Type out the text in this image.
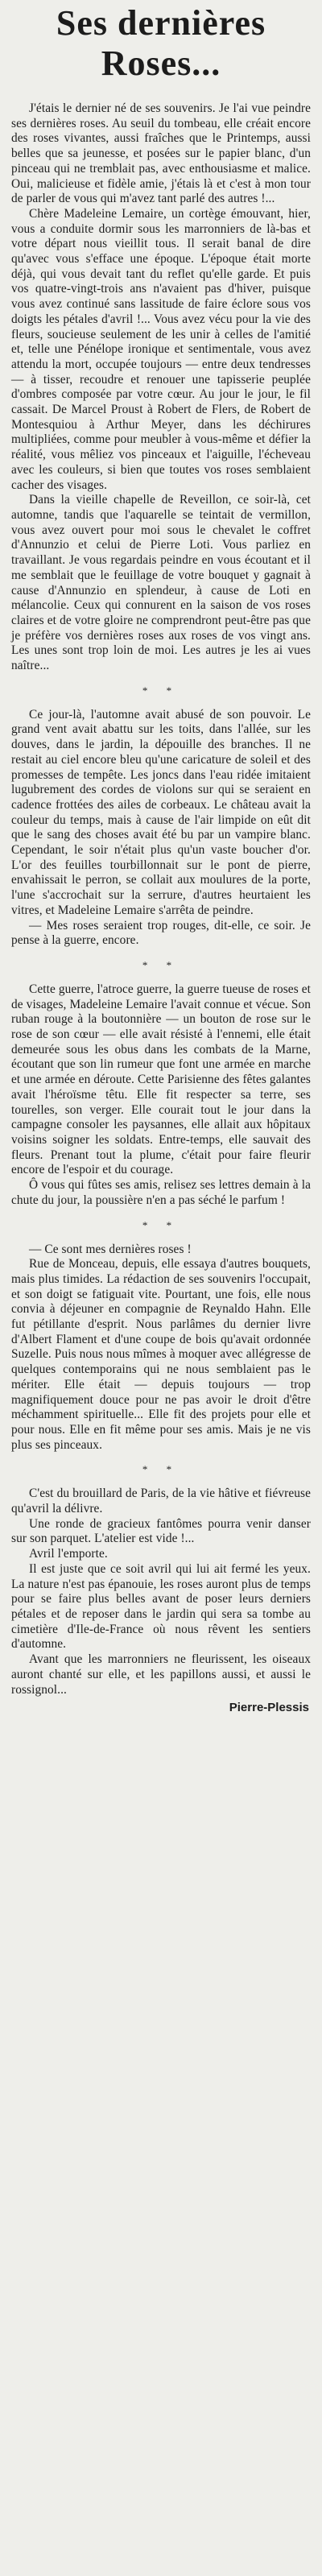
Ses dernières
Roses...

J'étais le dernier né de ses souvenirs. Je l'ai vue peindre ses dernières roses. Au seuil du tombeau, elle créait encore des roses vivantes, aussi fraîches que le Printemps, aussi belles que sa jeunesse, et posées sur le papier blanc, d'un pinceau qui ne tremblait pas, avec enthousiasme et malice. Oui, malicieuse et fidèle amie, j'étais là et c'est à mon tour de parler de vous qui m'avez tant parlé des autres !...

Chère Madeleine Lemaire, un cortège émouvant, hier, vous a conduite dormir sous les marronniers de là-bas et votre départ nous vieillit tous. Il serait banal de dire qu'avec vous s'efface une époque. L'époque était morte déjà, qui vous devait tant du reflet qu'elle garde. Et puis vos quatre-vingt-trois ans n'avaient pas d'hiver, puisque vous avez continué sans lassitude de faire éclore sous vos doigts les pétales d'avril !... Vous avez vécu pour la vie des fleurs, soucieuse seulement de les unir à celles de l'amitié et, telle une Pénélope ironique et sentimentale, vous avez attendu la mort, occupée toujours — entre deux tendresses — à tisser, recoudre et renouer une tapisserie peuplée d'ombres composée par votre cœur. Au jour le jour, le fil cassait. De Marcel Proust à Robert de Flers, de Robert de Montesquiou à Arthur Meyer, dans les déchirures multipliées, comme pour meubler à vous-même et défier la réalité, vous mêliez vos pinceaux et l'aiguille, l'écheveau avec les couleurs, si bien que toutes vos roses semblaient cacher des visages.

Dans la vieille chapelle de Reveillon, ce soir-là, cet automne, tandis que l'aquarelle se teintait de vermillon, vous avez ouvert pour moi sous le chevalet le coffret d'Annunzio et celui de Pierre Loti. Vous parliez en travaillant. Je vous regardais peindre en vous écoutant et il me semblait que le feuillage de votre bouquet y gagnait à cause d'Annunzio en splendeur, à cause de Loti en mélancolie. Ceux qui connurent en la saison de vos roses claires et de votre gloire ne comprendront peut-être pas que je préfère vos dernières roses aux roses de vos vingt ans. Les unes sont trop loin de moi. Les autres je les ai vues naître...

* *

Ce jour-là, l'automne avait abusé de son pouvoir. Le grand vent avait abattu sur les toits, dans l'allée, sur les douves, dans le jardin, la dépouille des branches. Il ne restait au ciel encore bleu qu'une caricature de soleil et des promesses de tempête. Les joncs dans l'eau ridée imitaient lugubrement des cordes de violons sur qui se seraient en cadence frottées des ailes de corbeaux. Le château avait la couleur du temps, mais à cause de l'air limpide on eût dit que le sang des choses avait été bu par un vampire blanc. Cependant, le soir n'était plus qu'un vaste boucher d'or. L'or des feuilles tourbillonnait sur le pont de pierre, envahissait le perron, se collait aux moulures de la porte, l'une s'accrochait sur la serrure, d'autres heurtaient les vitres, et Madeleine Lemaire s'arrêta de peindre.

— Mes roses seraient trop rouges, dit-elle, ce soir. Je pense à la guerre, encore.

* *

Cette guerre, l'atroce guerre, la guerre tueuse de roses et de visages, Madeleine Lemaire l'avait connue et vécue. Son ruban rouge à la boutonnière — un bouton de rose sur le rose de son cœur — elle avait résisté à l'ennemi, elle était demeurée sous les obus dans les combats de la Marne, écoutant que son lin rumeur que font une armée en marche et une armée en déroute. Cette Parisienne des fêtes galantes avait l'héroïsme têtu. Elle fit respecter sa terre, ses tourelles, son verger. Elle courait tout le jour dans la campagne consoler les paysannes, elle allait aux hôpitaux voisins soigner les soldats. Entre-temps, elle sauvait des fleurs. Prenant tout la plume, c'était pour faire fleurir encore de l'espoir et du courage.

Ô vous qui fûtes ses amis, relisez ses lettres demain à la chute du jour, la poussière n'en a pas séché le parfum !

* *

— Ce sont mes dernières roses !

Rue de Monceau, depuis, elle essaya d'autres bouquets, mais plus timides. La rédaction de ses souvenirs l'occupait, et son doigt se fatiguait vite. Pourtant, une fois, elle nous convia à déjeuner en compagnie de Reynaldo Hahn. Elle fut pétillante d'esprit. Nous parlâmes du dernier livre d'Albert Flament et d'une coupe de bois qu'avait ordonnée Suzelle. Puis nous nous mîmes à moquer avec allégresse de quelques contemporains qui ne nous semblaient pas le mériter. Elle était — depuis toujours — trop magnifiquement douce pour ne pas avoir le droit d'être méchamment spirituelle... Elle fit des projets pour elle et pour nous. Elle en fit même pour ses amis. Mais je ne vis plus ses pinceaux.

* *

C'est du brouillard de Paris, de la vie hâtive et fiévreuse qu'avril la délivre.

Une ronde de gracieux fantômes pourra venir danser sur son parquet. L'atelier est vide !...

Avril l'emporte.

Il est juste que ce soit avril qui lui ait fermé les yeux. La nature n'est pas épanouie, les roses auront plus de temps pour se faire plus belles avant de poser leurs derniers pétales et de reposer dans le jardin qui sera sa tombe au cimetière d'Ile-de-France où nous rêvent les sentiers d'automne.

Avant que les marronniers ne fleurissent, les oiseaux auront chanté sur elle, et les papillons aussi, et aussi le rossignol...

Pierre-Plessis
